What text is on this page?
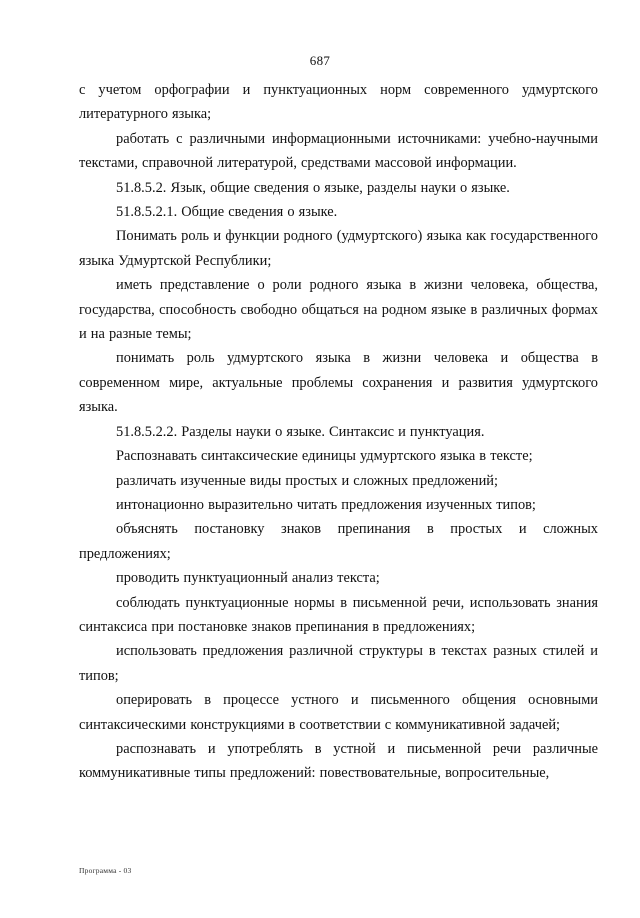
687

с учетом орфографии и пунктуационных норм современного удмуртского литературного языка;

работать с различными информационными источниками: учебно-научными текстами, справочной литературой, средствами массовой информации.

51.8.5.2. Язык, общие сведения о языке, разделы науки о языке.

51.8.5.2.1. Общие сведения о языке.

Понимать роль и функции родного (удмуртского) языка как государственного языка Удмуртской Республики;

иметь представление о роли родного языка в жизни человека, общества, государства, способность свободно общаться на родном языке в различных формах и на разные темы;

понимать роль удмуртского языка в жизни человека и общества в современном мире, актуальные проблемы сохранения и развития удмуртского языка.

51.8.5.2.2. Разделы науки о языке. Синтаксис и пунктуация.

Распознавать синтаксические единицы удмуртского языка в тексте;

различать изученные виды простых и сложных предложений;

интонационно выразительно читать предложения изученных типов;

объяснять постановку знаков препинания в простых и сложных предложениях;

проводить пунктуационный анализ текста;

соблюдать пунктуационные нормы в письменной речи, использовать знания синтаксиса при постановке знаков препинания в предложениях;

использовать предложения различной структуры в текстах разных стилей и типов;

оперировать в процессе устного и письменного общения основными синтаксическими конструкциями в соответствии с коммуникативной задачей;

распознавать и употреблять в устной и письменной речи различные коммуникативные типы предложений: повествовательные, вопросительные,

Программа - 03
